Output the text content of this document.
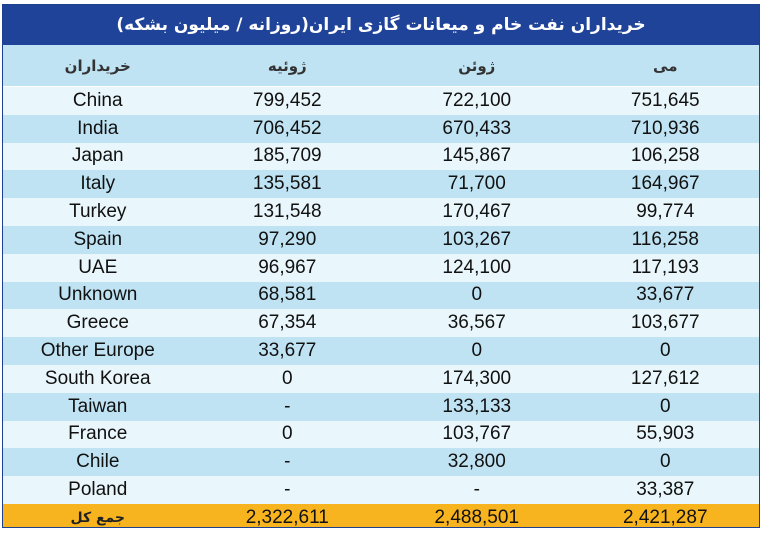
خریداران نفت خام و میعانات گازی ایران(روزانه / میلیون بشکه)
خریداران	ژوئیه	ژوئن	می
China	799,452	722,100	751,645
India	706,452	670,433	710,936
Japan	185,709	145,867	106,258
Italy	135,581	71,700	164,967
Turkey	131,548	170,467	99,774
Spain	97,290	103,267	116,258
UAE	96,967	124,100	117,193
Unknown	68,581	0	33,677
Greece	67,354	36,567	103,677
Other Europe	33,677	0	0
South Korea	0	174,300	127,612
Taiwan	-	133,133	0
France	0	103,767	55,903
Chile	-	32,800	0
Poland	-	-	33,387
جمع کل	2,322,611	2,488,501	2,421,287
